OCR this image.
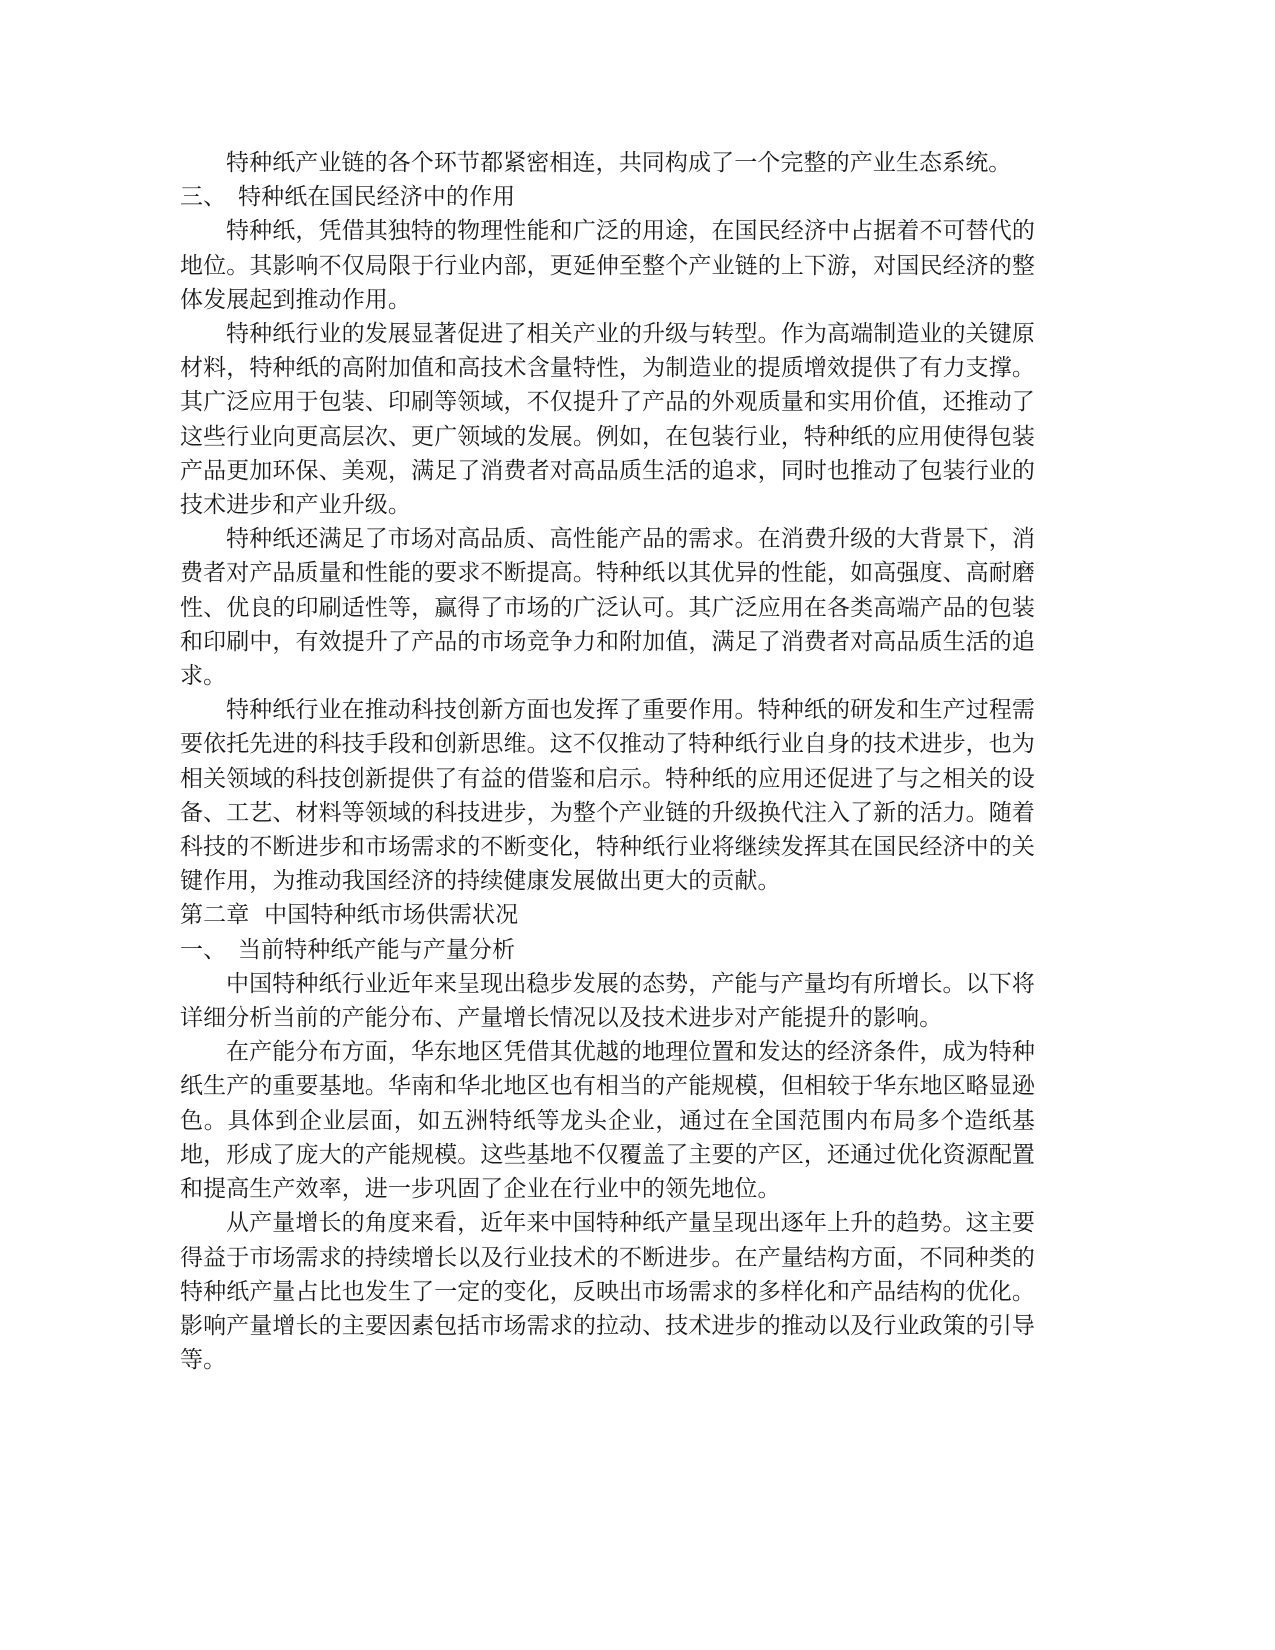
特种纸产业链的各个环节都紧密相连，共同构成了一个完整的产业生态系统。

三、 特种纸在国民经济中的作用

特种纸，凭借其独特的物理性能和广泛的用途，在国民经济中占据着不可替代的地位。其影响不仅局限于行业内部，更延伸至整个产业链的上下游，对国民经济的整体发展起到推动作用。

特种纸行业的发展显著促进了相关产业的升级与转型。作为高端制造业的关键原材料，特种纸的高附加值和高技术含量特性，为制造业的提质增效提供了有力支撑。其广泛应用于包装、印刷等领域，不仅提升了产品的外观质量和实用价值，还推动了这些行业向更高层次、更广领域的发展。例如，在包装行业，特种纸的应用使得包装产品更加环保、美观，满足了消费者对高品质生活的追求，同时也推动了包装行业的技术进步和产业升级。

特种纸还满足了市场对高品质、高性能产品的需求。在消费升级的大背景下，消费者对产品质量和性能的要求不断提高。特种纸以其优异的性能，如高强度、高耐磨性、优良的印刷适性等，赢得了市场的广泛认可。其广泛应用在各类高端产品的包装和印刷中，有效提升了产品的市场竞争力和附加值，满足了消费者对高品质生活的追求。

特种纸行业在推动科技创新方面也发挥了重要作用。特种纸的研发和生产过程需要依托先进的科技手段和创新思维。这不仅推动了特种纸行业自身的技术进步，也为相关领域的科技创新提供了有益的借鉴和启示。特种纸的应用还促进了与之相关的设备、工艺、材料等领域的科技进步，为整个产业链的升级换代注入了新的活力。随着科技的不断进步和市场需求的不断变化，特种纸行业将继续发挥其在国民经济中的关键作用，为推动我国经济的持续健康发展做出更大的贡献。

第二章  中国特种纸市场供需状况

一、 当前特种纸产能与产量分析

中国特种纸行业近年来呈现出稳步发展的态势，产能与产量均有所增长。以下将详细分析当前的产能分布、产量增长情况以及技术进步对产能提升的影响。

在产能分布方面，华东地区凭借其优越的地理位置和发达的经济条件，成为特种纸生产的重要基地。华南和华北地区也有相当的产能规模，但相较于华东地区略显逊色。具体到企业层面，如五洲特纸等龙头企业，通过在全国范围内布局多个造纸基地，形成了庞大的产能规模。这些基地不仅覆盖了主要的产区，还通过优化资源配置和提高生产效率，进一步巩固了企业在行业中的领先地位。

从产量增长的角度来看，近年来中国特种纸产量呈现出逐年上升的趋势。这主要得益于市场需求的持续增长以及行业技术的不断进步。在产量结构方面，不同种类的特种纸产量占比也发生了一定的变化，反映出市场需求的多样化和产品结构的优化。影响产量增长的主要因素包括市场需求的拉动、技术进步的推动以及行业政策的引导等。
